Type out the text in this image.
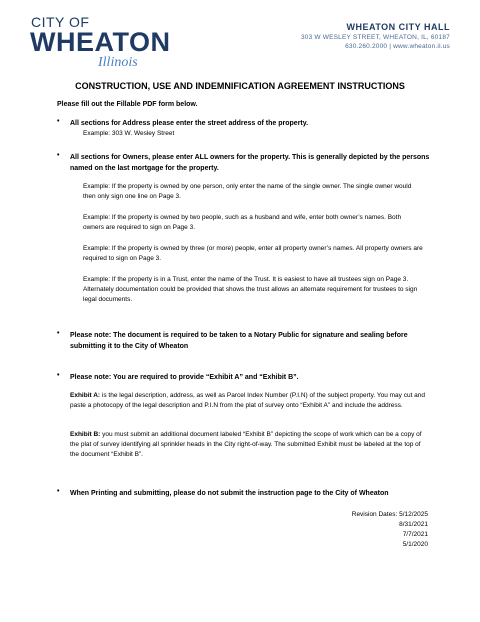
CITY OF
WHEATON
Illinois
WHEATON CITY HALL
303 W WESLEY STREET, WHEATON, IL, 60187
630.260.2000 | www.wheaton.il.us
CONSTRUCTION, USE AND INDEMNIFICATION AGREEMENT INSTRUCTIONS
Please fill out the Fillable PDF form below.
• All sections for Address please enter the street address of the property.
Example: 303 W. Wesley Street
• All sections for Owners, please enter ALL owners for the property. This is generally depicted by the persons named on the last mortgage for the property.
Example: If the property is owned by one person, only enter the name of the single owner. The single owner would then only sign one line on Page 3.
Example: If the property is owned by two people, such as a husband and wife, enter both owner’s names. Both owners are required to sign on Page 3.
Example: If the property is owned by three (or more) people, enter all property owner’s names. All property owners are required to sign on Page 3.
Example: If the property is in a Trust, enter the name of the Trust. It is easiest to have all trustees sign on Page 3. Alternately documentation could be provided that shows the trust allows an alternate requirement for trustees to sign legal documents.
• Please note: The document is required to be taken to a Notary Public for signature and sealing before submitting it to the City of Wheaton
• Please note: You are required to provide “Exhibit A” and “Exhibit B”.
Exhibit A: is the legal description, address, as well as Parcel Index Number (P.I.N) of the subject property. You may cut and paste a photocopy of the legal description and P.I.N from the plat of survey onto “Exhibit A” and include the address.
Exhibit B: you must submit an additional document labeled “Exhibit B” depicting the scope of work which can be a copy of the plat of survey identifying all sprinkler heads in the City right-of-way. The submitted Exhibit must be labeled at the top of the document “Exhibit B”.
• When Printing and submitting, please do not submit the instruction page to the City of Wheaton
Revision Dates: 5/12/2025
8/31/2021
7/7/2021
5/1/2020
